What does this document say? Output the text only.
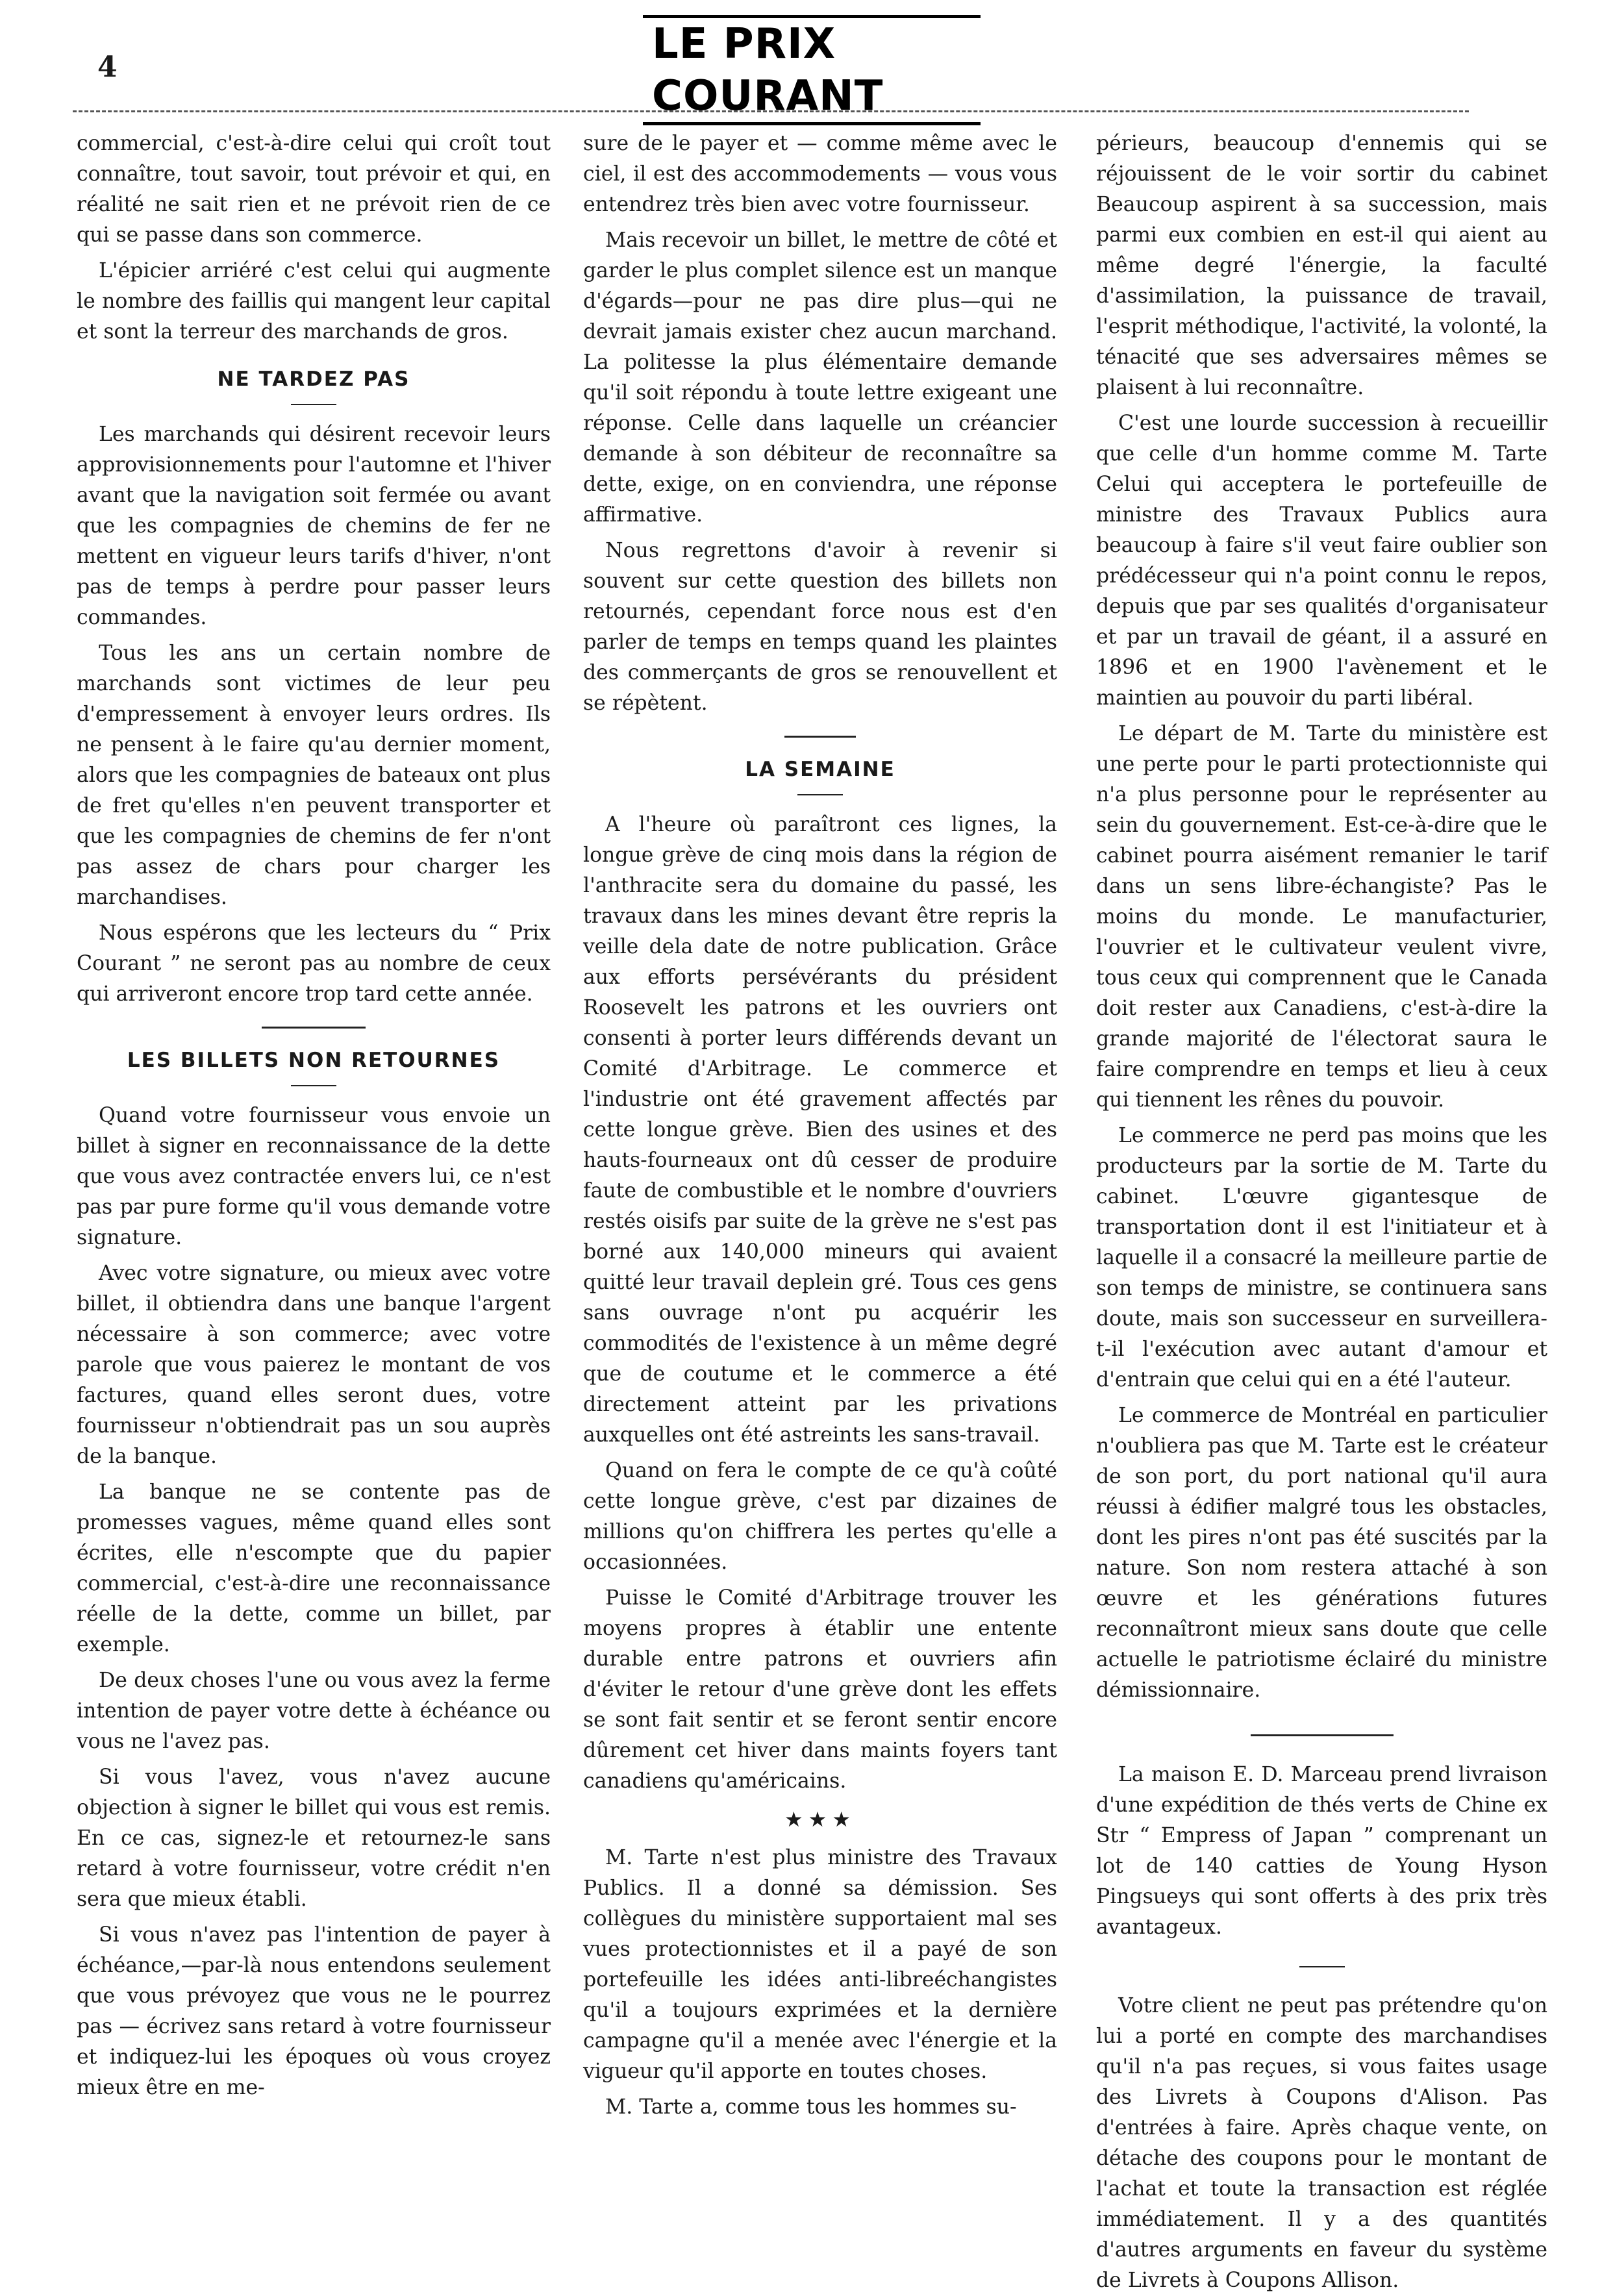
4	LE PRIX COURANT

commercial, c'est-à-dire celui qui croît tout connaître, tout savoir, tout prévoir et qui, en réalité ne sait rien et ne prévoit rien de ce qui se passe dans son commerce.

L'épicier arriéré c'est celui qui augmente le nombre des faillis qui mangent leur capital et sont la terreur des marchands de gros.

NE TARDEZ PAS

Les marchands qui désirent recevoir leurs approvisionnements pour l'automne et l'hiver avant que la navigation soit fermée ou avant que les compagnies de chemins de fer ne mettent en vigueur leurs tarifs d'hiver, n'ont pas de temps à perdre pour passer leurs commandes.

Tous les ans un certain nombre de marchands sont victimes de leur peu d'empressement à envoyer leurs ordres. Ils ne pensent à le faire qu'au dernier moment, alors que les compagnies de bateaux ont plus de fret qu'elles n'en peuvent transporter et que les compagnies de chemins de fer n'ont pas assez de chars pour charger les marchandises.

Nous espérons que les lecteurs du “ Prix Courant ” ne seront pas au nombre de ceux qui arriveront encore trop tard cette année.

LES BILLETS NON RETOURNES

Quand votre fournisseur vous envoie un billet à signer en reconnaissance de la dette que vous avez contractée envers lui, ce n'est pas par pure forme qu'il vous demande votre signature.

Avec votre signature, ou mieux avec votre billet, il obtiendra dans une banque l'argent nécessaire à son commerce; avec votre parole que vous paierez le montant de vos factures, quand elles seront dues, votre fournisseur n'obtiendrait pas un sou auprès de la banque.

La banque ne se contente pas de promesses vagues, même quand elles sont écrites, elle n'escompte que du papier commercial, c'est-à-dire une reconnaissance réelle de la dette, comme un billet, par exemple.

De deux choses l'une ou vous avez la ferme intention de payer votre dette à échéance ou vous ne l'avez pas.

Si vous l'avez, vous n'avez aucune objection à signer le billet qui vous est remis. En ce cas, signez-le et retournez-le sans retard à votre fournisseur, votre crédit n'en sera que mieux établi.

Si vous n'avez pas l'intention de payer à échéance,—par-là nous entendons seulement que vous prévoyez que vous ne le pourrez pas — écrivez sans retard à votre fournisseur et indiquez-lui les époques où vous croyez mieux être en me-

sure de le payer et — comme même avec le ciel, il est des accommodements — vous vous entendrez très bien avec votre fournisseur.

Mais recevoir un billet, le mettre de côté et garder le plus complet silence est un manque d'égards—pour ne pas dire plus—qui ne devrait jamais exister chez aucun marchand. La politesse la plus élémentaire demande qu'il soit répondu à toute lettre exigeant une réponse. Celle dans laquelle un créancier demande à son débiteur de reconnaître sa dette, exige, on en conviendra, une réponse affirmative.

Nous regrettons d'avoir à revenir si souvent sur cette question des billets non retournés, cependant force nous est d'en parler de temps en temps quand les plaintes des commerçants de gros se renouvellent et se répètent.

LA SEMAINE

A l'heure où paraîtront ces lignes, la longue grève de cinq mois dans la région de l'anthracite sera du domaine du passé, les travaux dans les mines devant être repris la veille dela date de notre publication. Grâce aux efforts persévérants du président Roosevelt les patrons et les ouvriers ont consenti à porter leurs différends devant un Comité d'Arbitrage. Le commerce et l'industrie ont été gravement affectés par cette longue grève. Bien des usines et des hauts-fourneaux ont dû cesser de produire faute de combustible et le nombre d'ouvriers restés oisifs par suite de la grève ne s'est pas borné aux 140,000 mineurs qui avaient quitté leur travail deplein gré. Tous ces gens sans ouvrage n'ont pu acquérir les commodités de l'existence à un même degré que de coutume et le commerce a été directement atteint par les privations auxquelles ont été astreints les sans-travail.

Quand on fera le compte de ce qu'à coûté cette longue grève, c'est par dizaines de millions qu'on chiffrera les pertes qu'elle a occasionnées.

Puisse le Comité d'Arbitrage trouver les moyens propres à établir une entente durable entre patrons et ouvriers afin d'éviter le retour d'une grève dont les effets se sont fait sentir et se feront sentir encore dûrement cet hiver dans maints foyers tant canadiens qu'américains.

★★★

M. Tarte n'est plus ministre des Travaux Publics. Il a donné sa démission. Ses collègues du ministère supportaient mal ses vues protectionnistes et il a payé de son portefeuille les idées anti-libreéchangistes qu'il a toujours exprimées et la dernière campagne qu'il a menée avec l'énergie et la vigueur qu'il apporte en toutes choses.

M. Tarte a, comme tous les hommes su-

périeurs, beaucoup d'ennemis qui se réjouissent de le voir sortir du cabinet Beaucoup aspirent à sa succession, mais parmi eux combien en est-il qui aient au même degré l'énergie, la faculté d'assimilation, la puissance de travail, l'esprit méthodique, l'activité, la volonté, la ténacité que ses adversaires mêmes se plaisent à lui reconnaître.

C'est une lourde succession à recueillir que celle d'un homme comme M. Tarte Celui qui acceptera le portefeuille de ministre des Travaux Publics aura beaucoup à faire s'il veut faire oublier son prédécesseur qui n'a point connu le repos, depuis que par ses qualités d'organisateur et par un travail de géant, il a assuré en 1896 et en 1900 l'avènement et le maintien au pouvoir du parti libéral.

Le départ de M. Tarte du ministère est une perte pour le parti protectionniste qui n'a plus personne pour le représenter au sein du gouvernement. Est-ce-à-dire que le cabinet pourra aisément remanier le tarif dans un sens libre-échangiste? Pas le moins du monde. Le manufacturier, l'ouvrier et le cultivateur veulent vivre, tous ceux qui comprennent que le Canada doit rester aux Canadiens, c'est-à-dire la grande majorité de l'électorat saura le faire comprendre en temps et lieu à ceux qui tiennent les rênes du pouvoir.

Le commerce ne perd pas moins que les producteurs par la sortie de M. Tarte du cabinet. L'œuvre gigantesque de transportation dont il est l'initiateur et à laquelle il a consacré la meilleure partie de son temps de ministre, se continuera sans doute, mais son successeur en surveillera-t-il l'exécution avec autant d'amour et d'entrain que celui qui en a été l'auteur.

Le commerce de Montréal en particulier n'oubliera pas que M. Tarte est le créateur de son port, du port national qu'il aura réussi à édifier malgré tous les obstacles, dont les pires n'ont pas été suscités par la nature. Son nom restera attaché à son œuvre et les générations futures reconnaîtront mieux sans doute que celle actuelle le patriotisme éclairé du ministre démissionnaire.

La maison E. D. Marceau prend livraison d'une expédition de thés verts de Chine ex Str “ Empress of Japan ” comprenant un lot de 140 catties de Young Hyson Pingsueys qui sont offerts à des prix très avantageux.

Votre client ne peut pas prétendre qu'on lui a porté en compte des marchandises qu'il n'a pas reçues, si vous faites usage des Livrets à Coupons d'Alison. Pas d'entrées à faire. Après chaque vente, on détache des coupons pour le montant de l'achat et toute la transaction est réglée immédiatement. Il y a des quantités d'autres arguments en faveur du système de Livrets à Coupons Allison.
